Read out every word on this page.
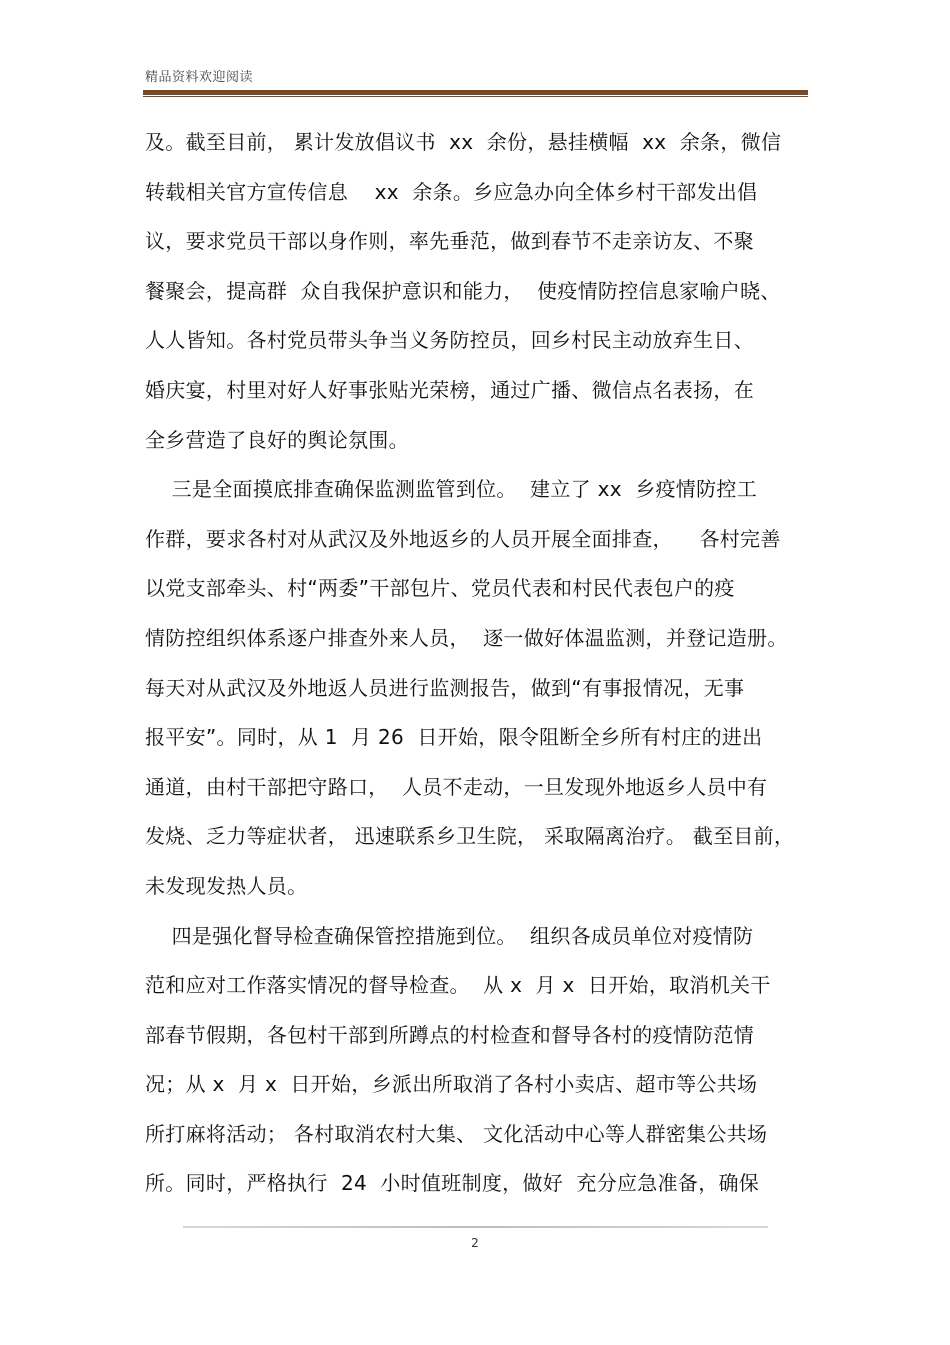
精品资料欢迎阅读
及。截至目前， 累计发放倡议书  xx  余份，悬挂横幅  xx  余条，微信
转载相关官方宣传信息    xx  余条。乡应急办向全体乡村干部发出倡
议，要求党员干部以身作则，率先垂范，做到春节不走亲访友、不聚
餐聚会，提高群  众自我保护意识和能力，  使疫情防控信息家喻户晓、
人人皆知。各村党员带头争当义务防控员，回乡村民主动放弃生日、
婚庆宴，村里对好人好事张贴光荣榜，通过广播、微信点名表扬，在
全乡营造了良好的舆论氛围。
三是全面摸底排查确保监测监管到位。  建立了 xx  乡疫情防控工
作群，要求各村对从武汉及外地返乡的人员开展全面排查，    各村完善
以党支部牵头、村“两委”干部包片、党员代表和村民代表包户的疫
情防控组织体系逐户排查外来人员，  逐一做好体温监测，并登记造册。
每天对从武汉及外地返人员进行监测报告，做到“有事报情况，无事
报平安”。同时，从 1  月 26  日开始，限令阻断全乡所有村庄的进出
通道，由村干部把守路口，  人员不走动，一旦发现外地返乡人员中有
发烧、乏力等症状者， 迅速联系乡卫生院， 采取隔离治疗。 截至目前，
未发现发热人员。
四是强化督导检查确保管控措施到位。  组织各成员单位对疫情防
范和应对工作落实情况的督导检查。  从 x  月 x  日开始，取消机关干
部春节假期，各包村干部到所蹲点的村检查和督导各村的疫情防范情
况；从 x  月 x  日开始，乡派出所取消了各村小卖店、超市等公共场
所打麻将活动； 各村取消农村大集、 文化活动中心等人群密集公共场
所。同时，严格执行  24  小时值班制度，做好  充分应急准备，确保
2
